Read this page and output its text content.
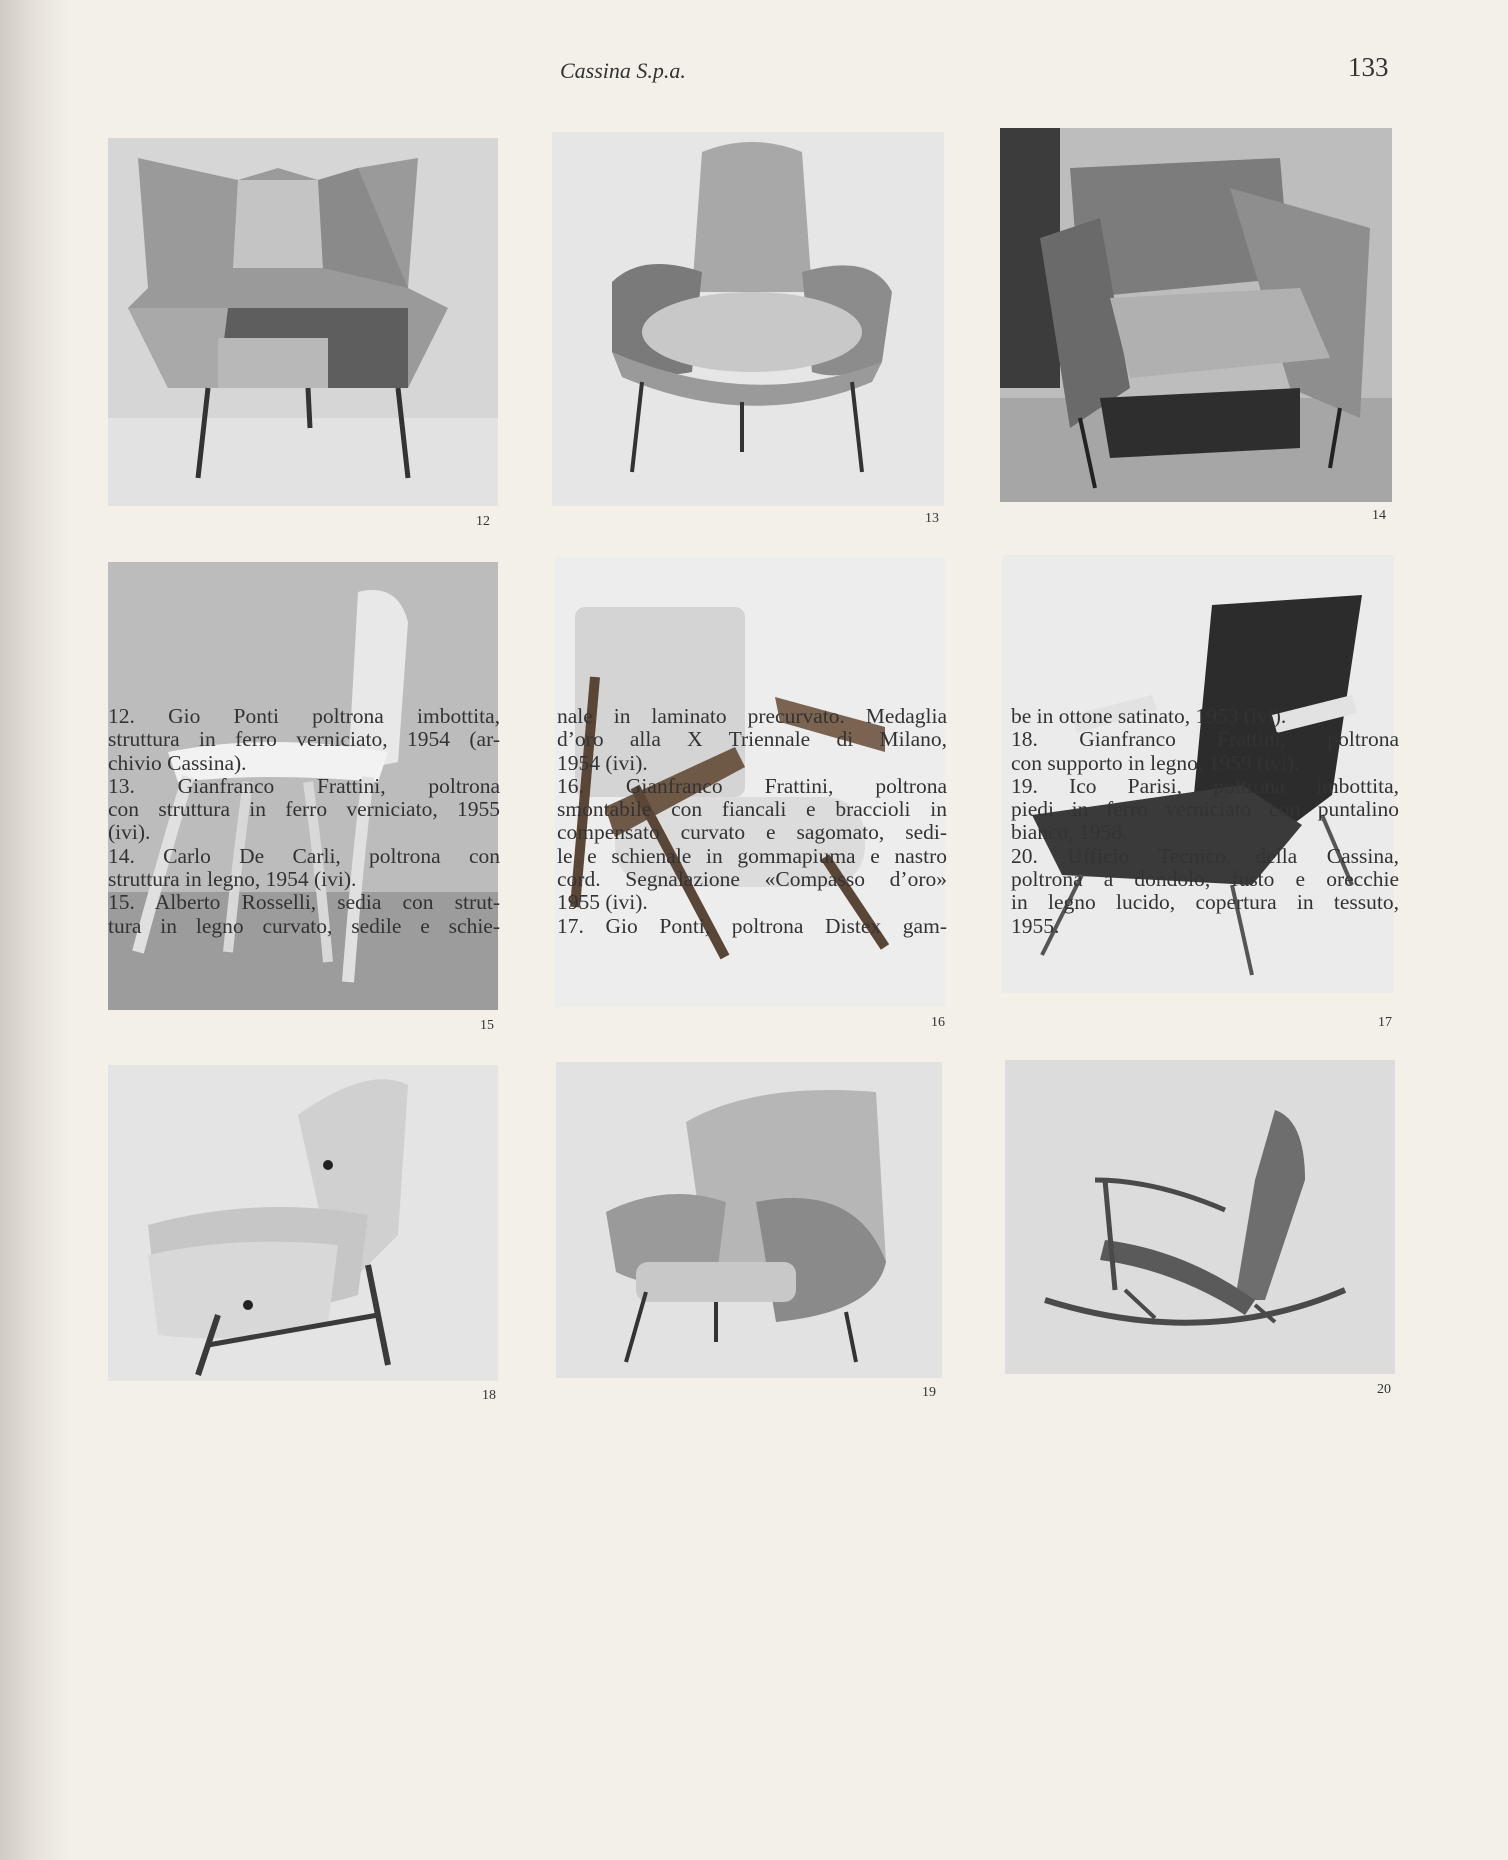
Cassina S.p.a.	133
12	13	14
15	16	17
18	19	20
12. Gio Ponti poltrona imbottita,
struttura in ferro verniciato, 1954 (ar-
chivio Cassina).
13. Gianfranco Frattini, poltrona
con struttura in ferro verniciato, 1955
(ivi).
14. Carlo De Carli, poltrona con
struttura in legno, 1954 (ivi).
15. Alberto Rosselli, sedia con strut-
tura in legno curvato, sedile e schie-
nale in laminato precurvato. Medaglia
d’oro alla X Triennale di Milano,
1954 (ivi).
16. Gianfranco Frattini, poltrona
smontabile con fiancali e braccioli in
compensato curvato e sagomato, sedi-
le e schienale in gommapiuma e nastro
cord. Segnalazione «Compasso d’oro»
1955 (ivi).
17. Gio Ponti, poltrona Distex gam-
be in ottone satinato, 1953 (ivi).
18. Gianfranco Frattini, poltrona
con supporto in legno, 1959 (ivi).
19. Ico Parisi, poltrona imbottita,
piedi in ferro verniciato con puntalino
bianco, 1958.
20. Ufficio Tecnico della Cassina,
poltrona a dondolo, fusto e orecchie
in legno lucido, copertura in tessuto,
1955.
